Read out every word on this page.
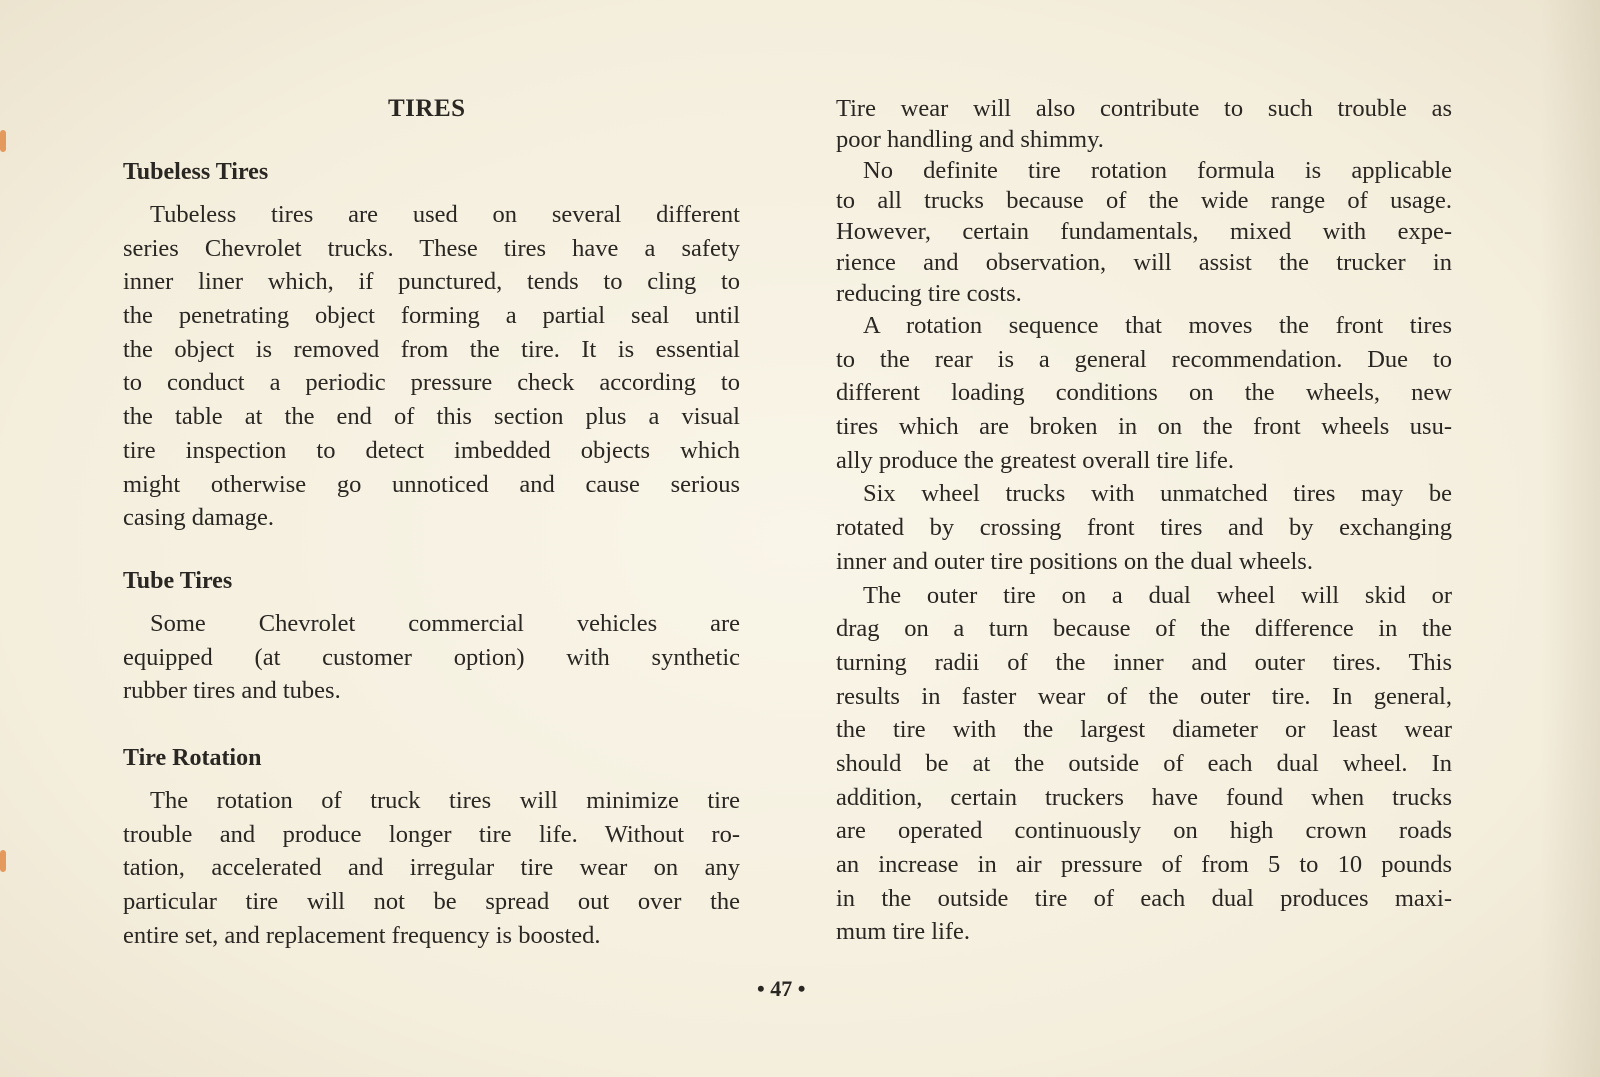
TIRES
Tubeless Tires
Tubeless tires are used on several different
series Chevrolet trucks. These tires have a safety
inner liner which, if punctured, tends to cling to
the penetrating object forming a partial seal until
the object is removed from the tire. It is essential
to conduct a periodic pressure check according to
the table at the end of this section plus a visual
tire inspection to detect imbedded objects which
might otherwise go unnoticed and cause serious
casing damage.
Tube Tires
Some Chevrolet commercial vehicles are
equipped (at customer option) with synthetic
rubber tires and tubes.
Tire Rotation
The rotation of truck tires will minimize tire
trouble and produce longer tire life. Without ro-
tation, accelerated and irregular tire wear on any
particular tire will not be spread out over the
entire set, and replacement frequency is boosted.
Tire wear will also contribute to such trouble as
poor handling and shimmy.
No definite tire rotation formula is applicable
to all trucks because of the wide range of usage.
However, certain fundamentals, mixed with expe-
rience and observation, will assist the trucker in
reducing tire costs.
A rotation sequence that moves the front tires
to the rear is a general recommendation. Due to
different loading conditions on the wheels, new
tires which are broken in on the front wheels usu-
ally produce the greatest overall tire life.
Six wheel trucks with unmatched tires may be
rotated by crossing front tires and by exchanging
inner and outer tire positions on the dual wheels.
The outer tire on a dual wheel will skid or
drag on a turn because of the difference in the
turning radii of the inner and outer tires. This
results in faster wear of the outer tire. In general,
the tire with the largest diameter or least wear
should be at the outside of each dual wheel. In
addition, certain truckers have found when trucks
are operated continuously on high crown roads
an increase in air pressure of from 5 to 10 pounds
in the outside tire of each dual produces maxi-
mum tire life.
• 47 •
